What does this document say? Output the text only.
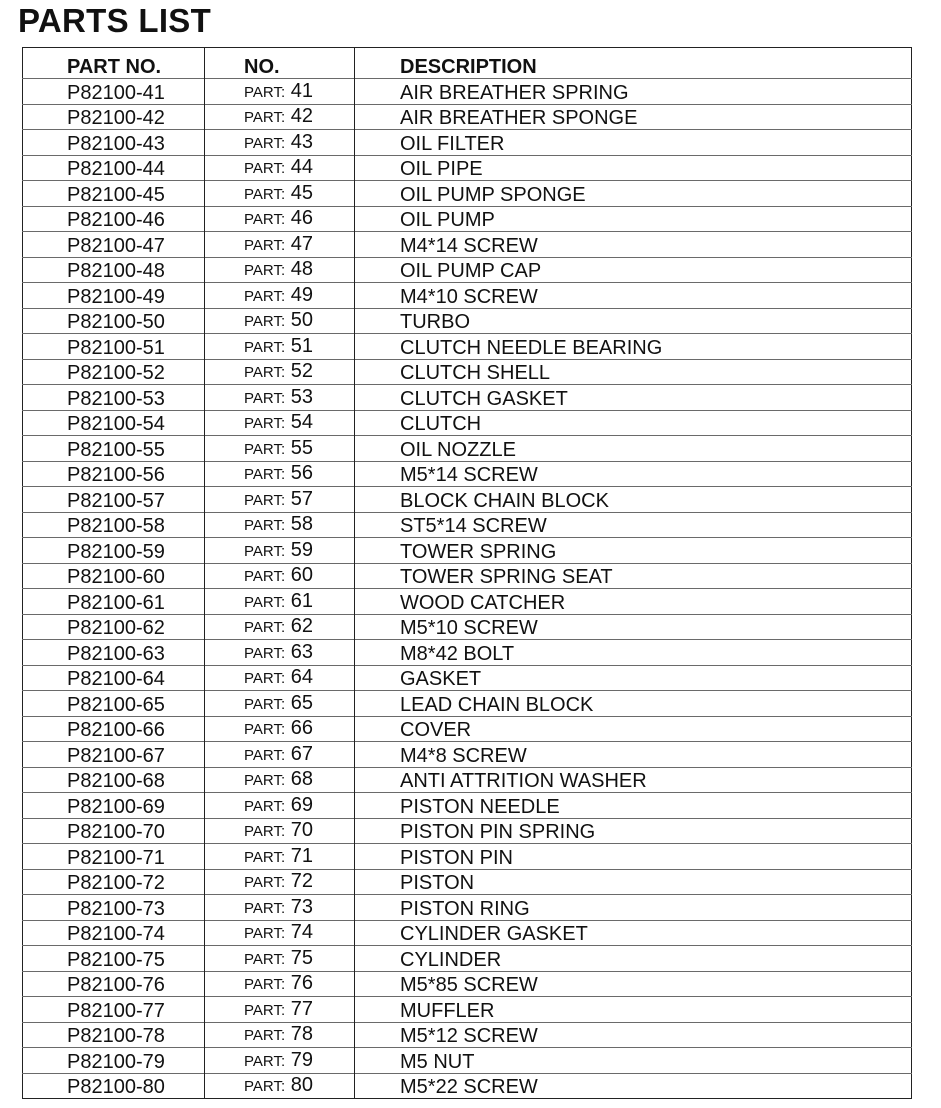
PARTS LIST
PART NO.	NO.	DESCRIPTION
P82100-41	PART: 41	AIR BREATHER SPRING
P82100-42	PART: 42	AIR BREATHER SPONGE
P82100-43	PART: 43	OIL FILTER
P82100-44	PART: 44	OIL PIPE
P82100-45	PART: 45	OIL PUMP SPONGE
P82100-46	PART: 46	OIL PUMP
P82100-47	PART: 47	M4*14 SCREW
P82100-48	PART: 48	OIL PUMP CAP
P82100-49	PART: 49	M4*10 SCREW
P82100-50	PART: 50	TURBO
P82100-51	PART: 51	CLUTCH NEEDLE BEARING
P82100-52	PART: 52	CLUTCH SHELL
P82100-53	PART: 53	CLUTCH GASKET
P82100-54	PART: 54	CLUTCH
P82100-55	PART: 55	OIL NOZZLE
P82100-56	PART: 56	M5*14 SCREW
P82100-57	PART: 57	BLOCK CHAIN BLOCK
P82100-58	PART: 58	ST5*14 SCREW
P82100-59	PART: 59	TOWER SPRING
P82100-60	PART: 60	TOWER SPRING SEAT
P82100-61	PART: 61	WOOD CATCHER
P82100-62	PART: 62	M5*10 SCREW
P82100-63	PART: 63	M8*42 BOLT
P82100-64	PART: 64	GASKET
P82100-65	PART: 65	LEAD CHAIN BLOCK
P82100-66	PART: 66	COVER
P82100-67	PART: 67	M4*8 SCREW
P82100-68	PART: 68	ANTI ATTRITION WASHER
P82100-69	PART: 69	PISTON NEEDLE
P82100-70	PART: 70	PISTON PIN SPRING
P82100-71	PART: 71	PISTON PIN
P82100-72	PART: 72	PISTON
P82100-73	PART: 73	PISTON RING
P82100-74	PART: 74	CYLINDER GASKET
P82100-75	PART: 75	CYLINDER
P82100-76	PART: 76	M5*85 SCREW
P82100-77	PART: 77	MUFFLER
P82100-78	PART: 78	M5*12 SCREW
P82100-79	PART: 79	M5 NUT
P82100-80	PART: 80	M5*22 SCREW
